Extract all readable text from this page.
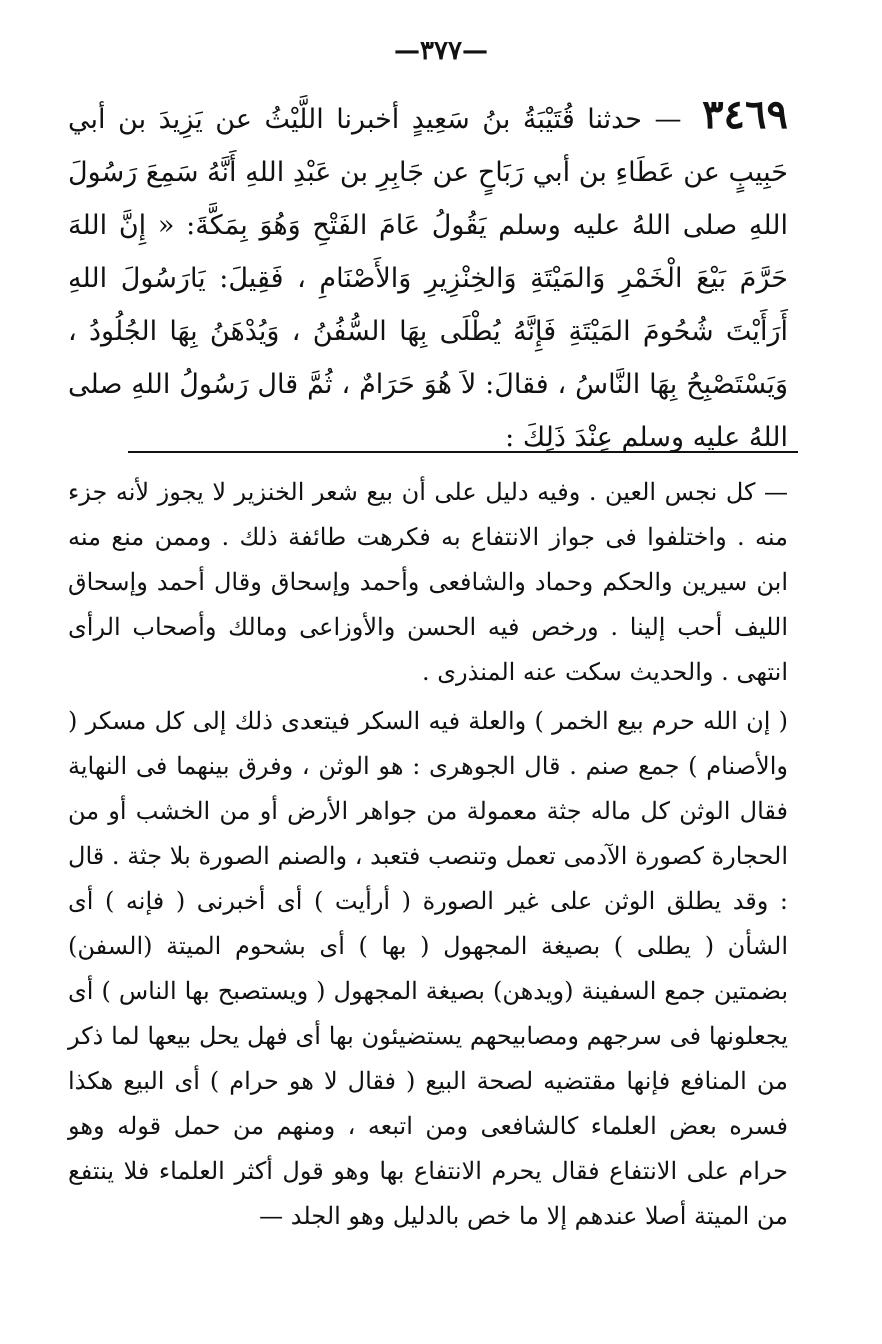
—٣٧٧—
٣٤٦٩ — حدثنا قُتَيْبَةُ بنُ سَعِيدٍ أخبرنا اللَّيْثُ عن يَزِيدَ بن أبي حَبِيبٍ عن عَطَاءِ بن أبي رَبَاحٍ عن جَابِرِ بن عَبْدِ اللهِ أَنَّهُ سَمِعَ رَسُولَ اللهِ صلى اللهُ عليه وسلم يَقُولُ عَامَ الفَتْحِ وَهُوَ بِمَكَّةَ: « إِنَّ اللهَ حَرَّمَ بَيْعَ الْخَمْرِ وَالمَيْتَةِ وَالخِنْزِيرِ وَالأَصْنَامِ ، فَقِيلَ: يَارَسُولَ اللهِ أَرَأَيْتَ شُحُومَ المَيْتَةِ فَإِنَّهُ يُطْلَى بِهَا السُّفُنُ ، وَيُدْهَنُ بِهَا الجُلُودُ ، وَيَسْتَصْبِحُ بِهَا النَّاسُ ، فقالَ: لاَ هُوَ حَرَامٌ ، ثُمَّ قال رَسُولُ اللهِ صلى اللهُ عليه وسلم عِنْدَ ذَلِكَ :

— كل نجس العين . وفيه دليل على أن بيع شعر الخنزير لا يجوز لأنه جزء منه . واختلفوا فى جواز الانتفاع به فكرهت طائفة ذلك . وممن منع منه ابن سيرين والحكم وحماد والشافعى وأحمد وإسحاق وقال أحمد وإسحاق الليف أحب إلينا . ورخص فيه الحسن والأوزاعى ومالك وأصحاب الرأى انتهى . والحديث سكت عنه المنذرى .

( إن الله حرم بيع الخمر ) والعلة فيه السكر فيتعدى ذلك إلى كل مسكر ( والأصنام ) جمع صنم . قال الجوهرى : هو الوثن ، وفرق بينهما فى النهاية فقال الوثن كل ماله جثة معمولة من جواهر الأرض أو من الخشب أو من الحجارة كصورة الآدمى تعمل وتنصب فتعبد ، والصنم الصورة بلا جثة . قال : وقد يطلق الوثن على غير الصورة ( أرأيت ) أى أخبرنى ( فإنه ) أى الشأن ( يطلى ) بصيغة المجهول ( بها ) أى بشحوم الميتة (السفن) بضمتين جمع السفينة (ويدهن) بصيغة المجهول ( ويستصبح بها الناس ) أى يجعلونها فى سرجهم ومصابيحهم يستضيئون بها أى فهل يحل بيعها لما ذكر من المنافع فإنها مقتضيه لصحة البيع ( فقال لا هو حرام ) أى البيع هكذا فسره بعض العلماء كالشافعى ومن اتبعه ، ومنهم من حمل قوله وهو حرام على الانتفاع فقال يحرم الانتفاع بها وهو قول أكثر العلماء فلا ينتفع من الميتة أصلا عندهم إلا ما خص بالدليل وهو الجلد —
